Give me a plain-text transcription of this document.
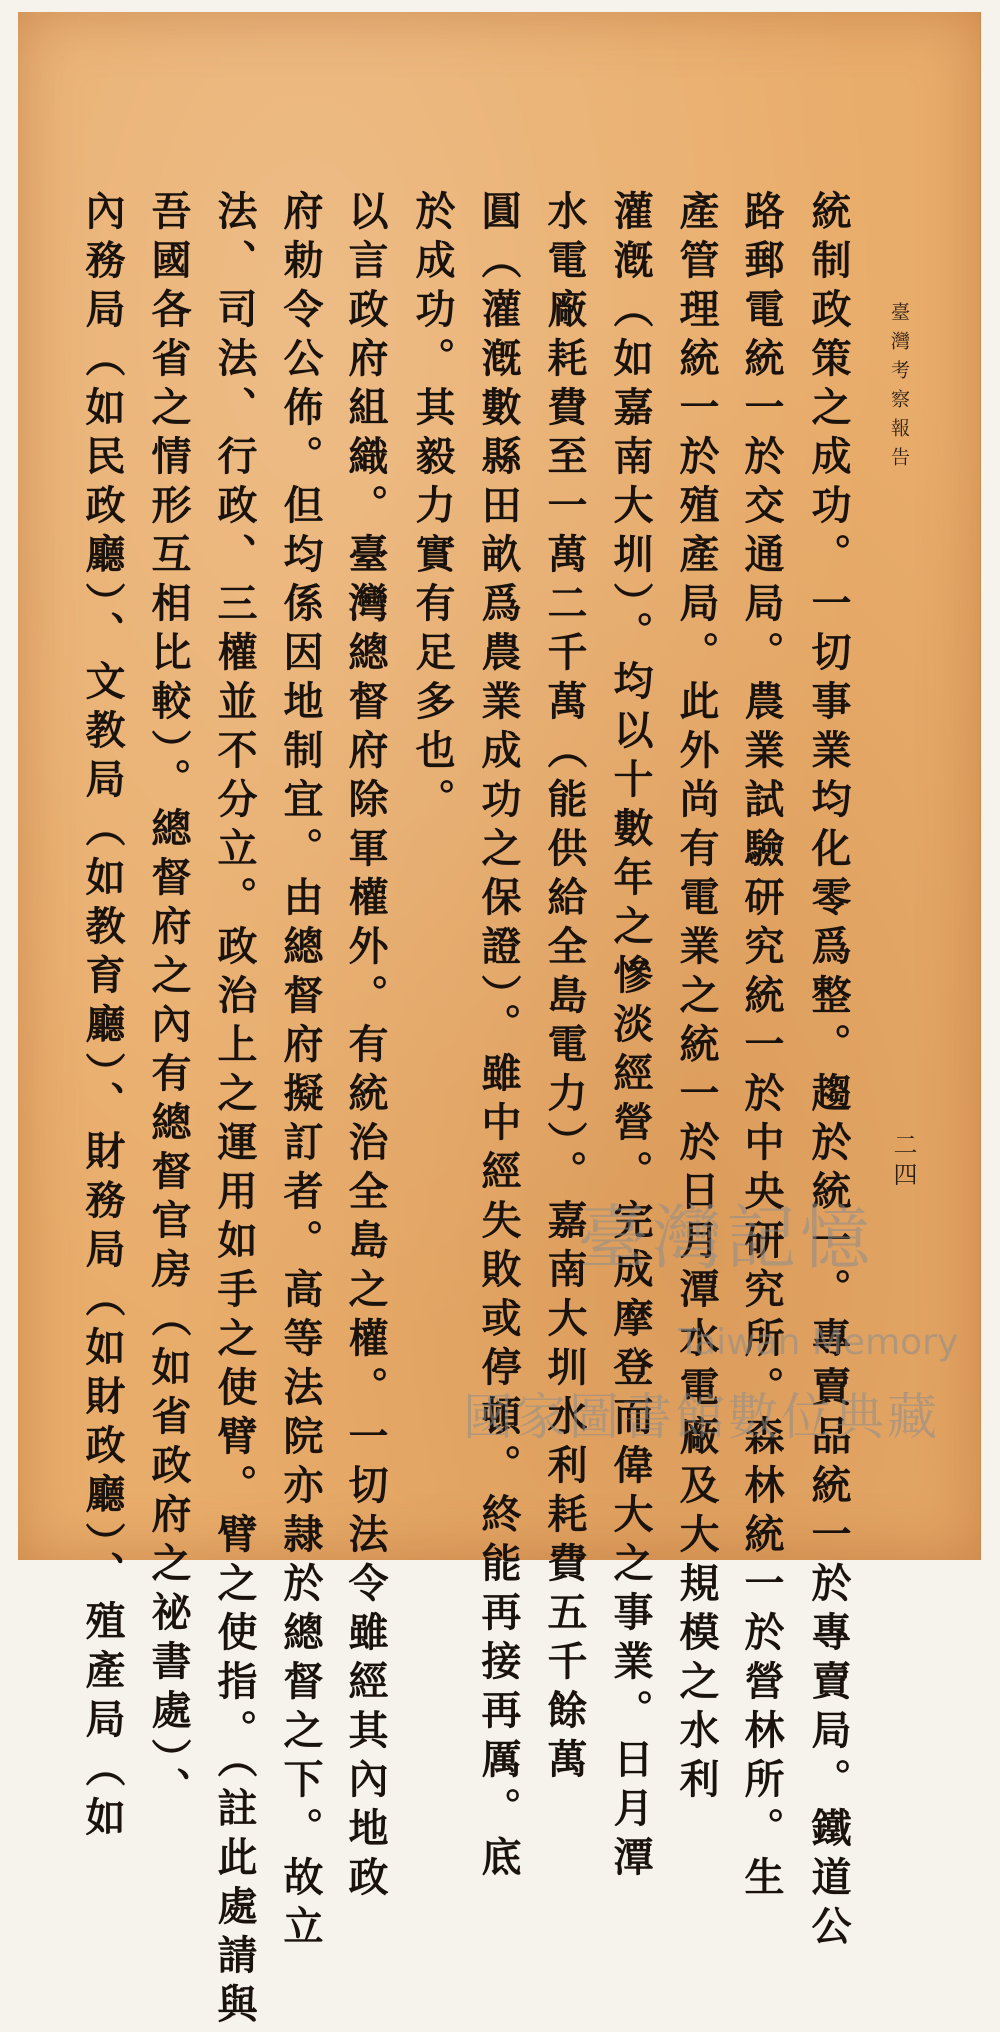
臺灣考察報告
二四
統制政策之成功。一切事業均化零爲整。趨於統一。專賣品統一於專賣局。鐵道公
路郵電統一於交通局。農業試驗研究統一於中央研究所。森林統一於營林所。生
產管理統一於殖產局。此外尚有電業之統一於日月潭水電廠及大規模之水利
灌漑（如嘉南大圳）。均以十數年之慘淡經營。完成摩登而偉大之事業。日月潭
水電廠耗費至一萬二千萬（能供給全島電力）。嘉南大圳水利耗費五千餘萬
圓（灌漑數縣田畝爲農業成功之保證）。雖中經失敗或停頓。終能再接再厲。底
於成功。其毅力實有足多也。
以言政府組織。臺灣總督府除軍權外。有統治全島之權。一切法令雖經其內地政
府勅令公佈。但均係因地制宜。由總督府擬訂者。高等法院亦隷於總督之下。故立
法、司法、行政、三權並不分立。政治上之運用如手之使臂。臂之使指。（註此處請與
吾國各省之情形互相比較）。總督府之內有總督官房（如省政府之祕書處）、
內務局（如民政廳）、文教局（如教育廳）、財務局（如財政廳）、殖產局（如	臺灣記憶
Taiwan Memory
國家圖書館數位典藏
